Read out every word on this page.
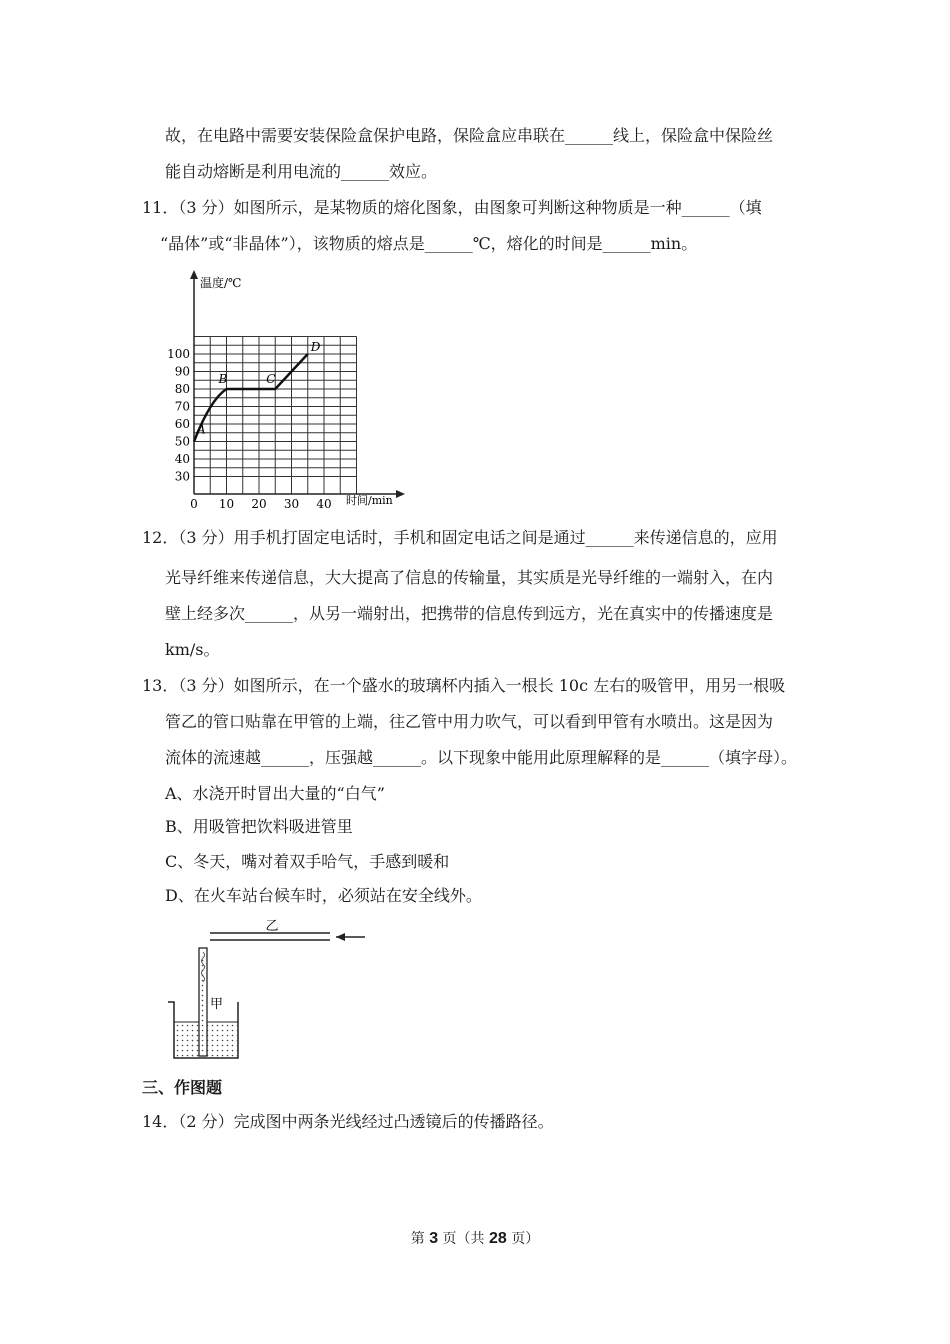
故，在电路中需要安装保险盒保护电路，保险盒应串联在______线上，保险盒中保险丝
能自动熔断是利用电流的______效应。
11．（3 分）如图所示，是某物质的熔化图象，由图象可判断这种物质是一种______（填
“晶体”或“非晶体”），该物质的熔点是______℃，熔化的时间是______min。
0 10 20 30 40
30
40
50
60
70
80
90
100
温度/℃
时间/min
A
B	C
D
12．（3 分）用手机打固定电话时，手机和固定电话之间是通过______来传递信息的，应用
光导纤维来传递信息，大大提高了信息的传输量，其实质是光导纤维的一端射入，在内
壁上经多次______，从另一端射出，把携带的信息传到远方，光在真实中的传播速度是
km/s。
13．（3 分）如图所示，在一个盛水的玻璃杯内插入一根长 10c 左右的吸管甲，用另一根吸
管乙的管口贴靠在甲管的上端，往乙管中用力吹气，可以看到甲管有水喷出。这是因为
流体的流速越______，压强越______。以下现象中能用此原理解释的是______（填字母）。
A、水浇开时冒出大量的“白气”
B、用吸管把饮料吸进管里
C、冬天，嘴对着双手哈气，手感到暖和
D、在火车站台候车时，必须站在安全线外。
乙
甲
三、作图题
14．（2 分）完成图中两条光线经过凸透镜后的传播路径。
第 3 页（共 28 页）
